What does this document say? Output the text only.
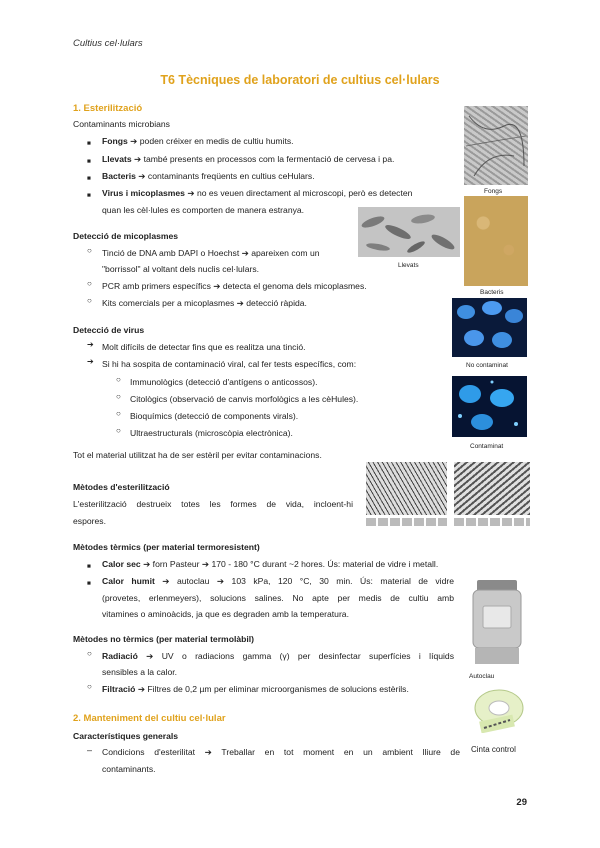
Cultius cel·lulars
T6 Tècniques de laboratori de cultius cel·lulars
1. Esterilització
Contaminants microbians
■
Fongs ➔ poden créixer en medis de cultiu humits.
■
Llevats ➔ també presents en processos com la fermentació de cervesa i pa.
■
Bacteris ➔ contaminants freqüents en cultius ceHulars.
■
Virus i micoplasmes ➔ no es veuen directament al microscopi, però es detecten
quan les cèl·lules es comporten de manera estranya.
Detecció de micoplasmes
○
Tinció de DNA amb DAPI o Hoechst ➔ apareixen com un
"borrissol" al voltant dels nuclis cel·lulars.
○
PCR amb primers específics ➔ detecta el genoma dels micoplasmes.
○
Kits comercials per a micoplasmes ➔ detecció ràpida.
Detecció de virus
➔
Molt difícils de detectar fins que es realitza una tinció.
➔
Si hi ha sospita de contaminació viral, cal fer tests específics, com:
○
Immunològics (detecció d'antígens o anticossos).
○
Citològics (observació de canvis morfològics a les cèHules).
○
Bioquímics (detecció de components virals).
○
Ultraestructurals (microscòpia electrònica).
Tot el material utilitzat ha de ser estèril per evitar contaminacions.
Mètodes d'esterilització
L'esterilització destrueix totes les formes de vida, incloent-hi
espores.
Mètodes tèrmics (per material termoresistent)
■
Calor sec ➔ forn Pasteur ➔ 170 - 180 °C durant ~2 hores. Ús: material de vidre i metall.
■
Calor humit ➔ autoclau ➔ 103 kPa, 120 °C, 30 min. Ús: material de vidre
(provetes, erlenmeyers), solucions salines. No apte per medis de cultiu amb
vitamines o aminoàcids, ja que es degraden amb la temperatura.
Mètodes no tèrmics (per material termolàbil)
○
Radiació ➔ UV o radiacions gamma (γ) per desinfectar superfícies i líquids
sensibles a la calor.
○
Filtració ➔ Filtres de 0,2 µm per eliminar microorganismes de solucions estèrils.
2. Manteniment del cultiu cel·lular
Característiques generals
–
Condicions d'esterilitat ➔ Treballar en tot moment en un ambient lliure de
contaminants.
29
Fongs
Llevats
Bacteris
No contaminat
Contaminat
Autoclau
Cinta control
